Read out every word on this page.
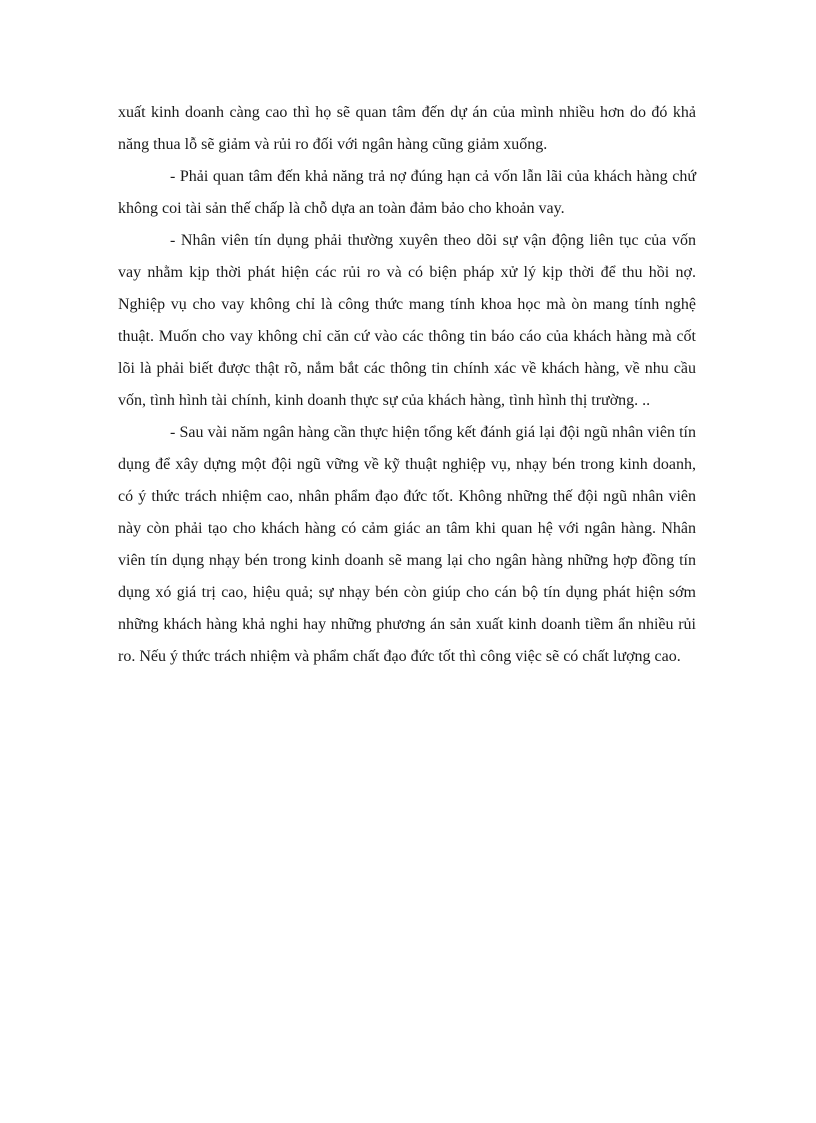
xuất kinh doanh càng cao thì họ sẽ quan tâm đến dự án của mình nhiều hơn do đó khả năng thua lỗ sẽ giảm và rủi ro đối với ngân hàng cũng giảm xuống.

- Phải quan tâm đến khả năng trả nợ đúng hạn cả vốn lẫn lãi của khách hàng chứ không coi tài sản thế chấp là chỗ dựa an toàn đảm bảo cho khoản vay.

- Nhân viên tín dụng phải thường xuyên theo dõi sự vận động liên tục của vốn vay nhằm kịp thời phát hiện các rủi ro và có biện pháp xử lý kịp thời để thu hồi nợ. Nghiệp vụ cho vay không chỉ là công thức mang tính khoa học mà òn mang tính nghệ thuật. Muốn cho vay không chỉ căn cứ vào các thông tin báo cáo của khách hàng mà cốt lõi là phải biết được thật rõ, nắm bắt các thông tin chính xác về khách hàng, về nhu cầu vốn, tình hình tài chính, kinh doanh thực sự của khách hàng, tình hình thị trường. ..

- Sau vài năm ngân hàng cần thực hiện tổng kết đánh giá lại đội ngũ nhân viên tín dụng để xây dựng một đội ngũ vững về kỹ thuật nghiệp vụ, nhạy bén trong kinh doanh, có ý thức trách nhiệm cao, nhân phẩm đạo đức tốt. Không những thế đội ngũ nhân viên này còn phải tạo cho khách hàng có cảm giác an tâm khi quan hệ với ngân hàng. Nhân viên tín dụng nhạy bén trong kinh doanh sẽ mang lại cho ngân hàng những hợp đồng tín dụng xó giá trị cao, hiệu quả; sự nhạy bén còn giúp cho cán bộ tín dụng phát hiện sớm những khách hàng khả nghi hay những phương án sản xuất kinh doanh tiềm ẩn nhiều rủi ro. Nếu ý thức trách nhiệm và phẩm chất đạo đức tốt thì công việc sẽ có chất lượng cao.
